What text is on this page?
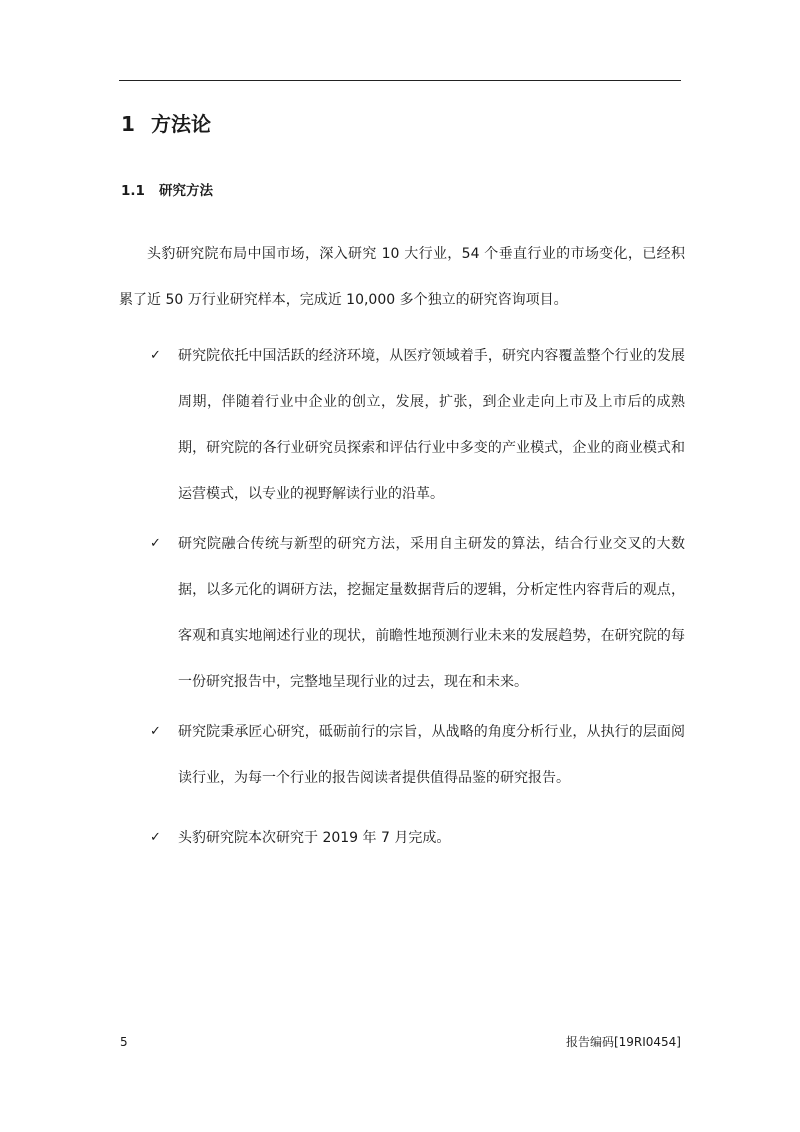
1 方法论
1.1 研究方法

头豹研究院布局中国市场，深入研究 10 大行业，54 个垂直行业的市场变化，已经积累了近 50 万行业研究样本，完成近 10,000 多个独立的研究咨询项目。

✓	研究院依托中国活跃的经济环境，从医疗领域着手，研究内容覆盖整个行业的发展周期，伴随着行业中企业的创立，发展，扩张，到企业走向上市及上市后的成熟期，研究院的各行业研究员探索和评估行业中多变的产业模式，企业的商业模式和运营模式，以专业的视野解读行业的沿革。

✓	研究院融合传统与新型的研究方法，采用自主研发的算法，结合行业交叉的大数据，以多元化的调研方法，挖掘定量数据背后的逻辑，分析定性内容背后的观点，客观和真实地阐述行业的现状，前瞻性地预测行业未来的发展趋势，在研究院的每一份研究报告中，完整地呈现行业的过去，现在和未来。

✓	研究院秉承匠心研究，砥砺前行的宗旨，从战略的角度分析行业，从执行的层面阅读行业，为每一个行业的报告阅读者提供值得品鉴的研究报告。

✓	头豹研究院本次研究于 2019 年 7 月完成。

5	报告编码[19RI0454]
